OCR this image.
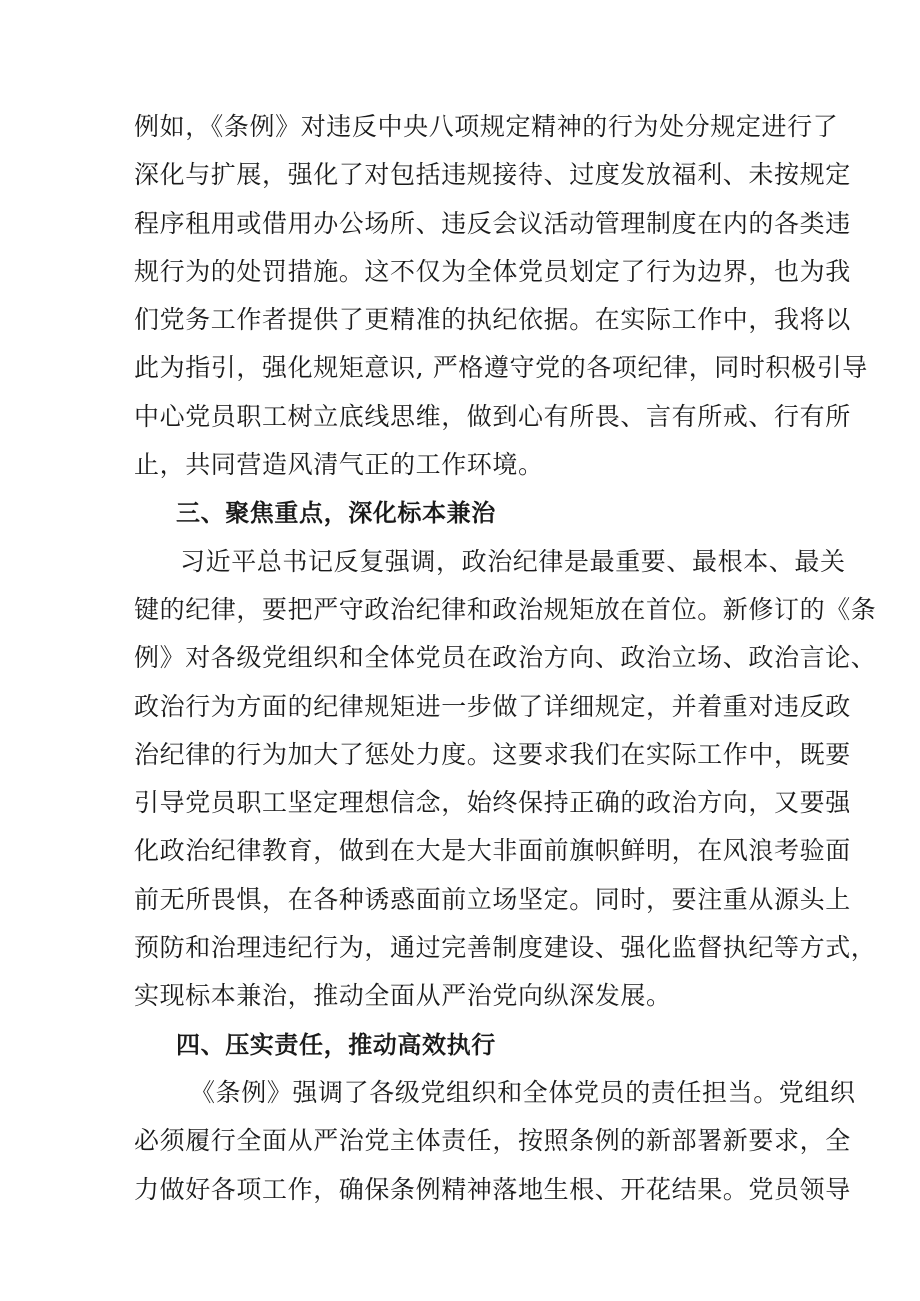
例如，《条例》对违反中央八项规定精神的行为处分规定进行了
深化与扩展，强化了对包括违规接待、过度发放福利、未按规定
程序租用或借用办公场所、违反会议活动管理制度在内的各类违
规行为的处罚措施。这不仅为全体党员划定了行为边界，也为我
们党务工作者提供了更精准的执纪依据。在实际工作中，我将以
此为指引，强化规矩意识, 严格遵守党的各项纪律，同时积极引导
中心党员职工树立底线思维，做到心有所畏、言有所戒、行有所
止，共同营造风清气正的工作环境。
三、聚焦重点，深化标本兼治
习近平总书记反复强调，政治纪律是最重要、最根本、最关
键的纪律，要把严守政治纪律和政治规矩放在首位。新修订的《条
例》对各级党组织和全体党员在政治方向、政治立场、政治言论、
政治行为方面的纪律规矩进一步做了详细规定，并着重对违反政
治纪律的行为加大了惩处力度。这要求我们在实际工作中，既要
引导党员职工坚定理想信念，始终保持正确的政治方向，又要强
化政治纪律教育，做到在大是大非面前旗帜鲜明，在风浪考验面
前无所畏惧，在各种诱惑面前立场坚定。同时，要注重从源头上
预防和治理违纪行为，通过完善制度建设、强化监督执纪等方式，
实现标本兼治，推动全面从严治党向纵深发展。
四、压实责任，推动高效执行
《条例》强调了各级党组织和全体党员的责任担当。党组织
必须履行全面从严治党主体责任，按照条例的新部署新要求，全
力做好各项工作，确保条例精神落地生根、开花结果。党员领导
